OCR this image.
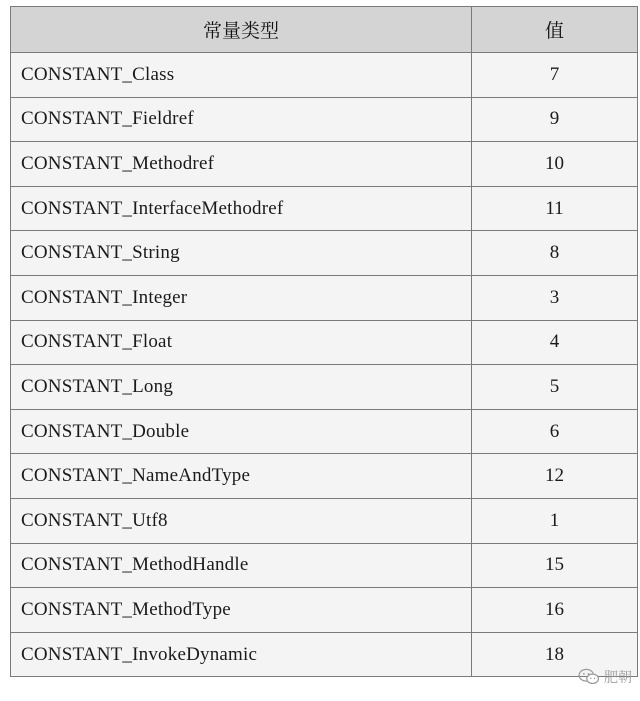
常量类型	值
CONSTANT_Class	7
CONSTANT_Fieldref	9
CONSTANT_Methodref	10
CONSTANT_InterfaceMethodref	11
CONSTANT_String	8
CONSTANT_Integer	3
CONSTANT_Float	4
CONSTANT_Long	5
CONSTANT_Double	6
CONSTANT_NameAndType	12
CONSTANT_Utf8	1
CONSTANT_MethodHandle	15
CONSTANT_MethodType	16
CONSTANT_InvokeDynamic	18
肥朝
